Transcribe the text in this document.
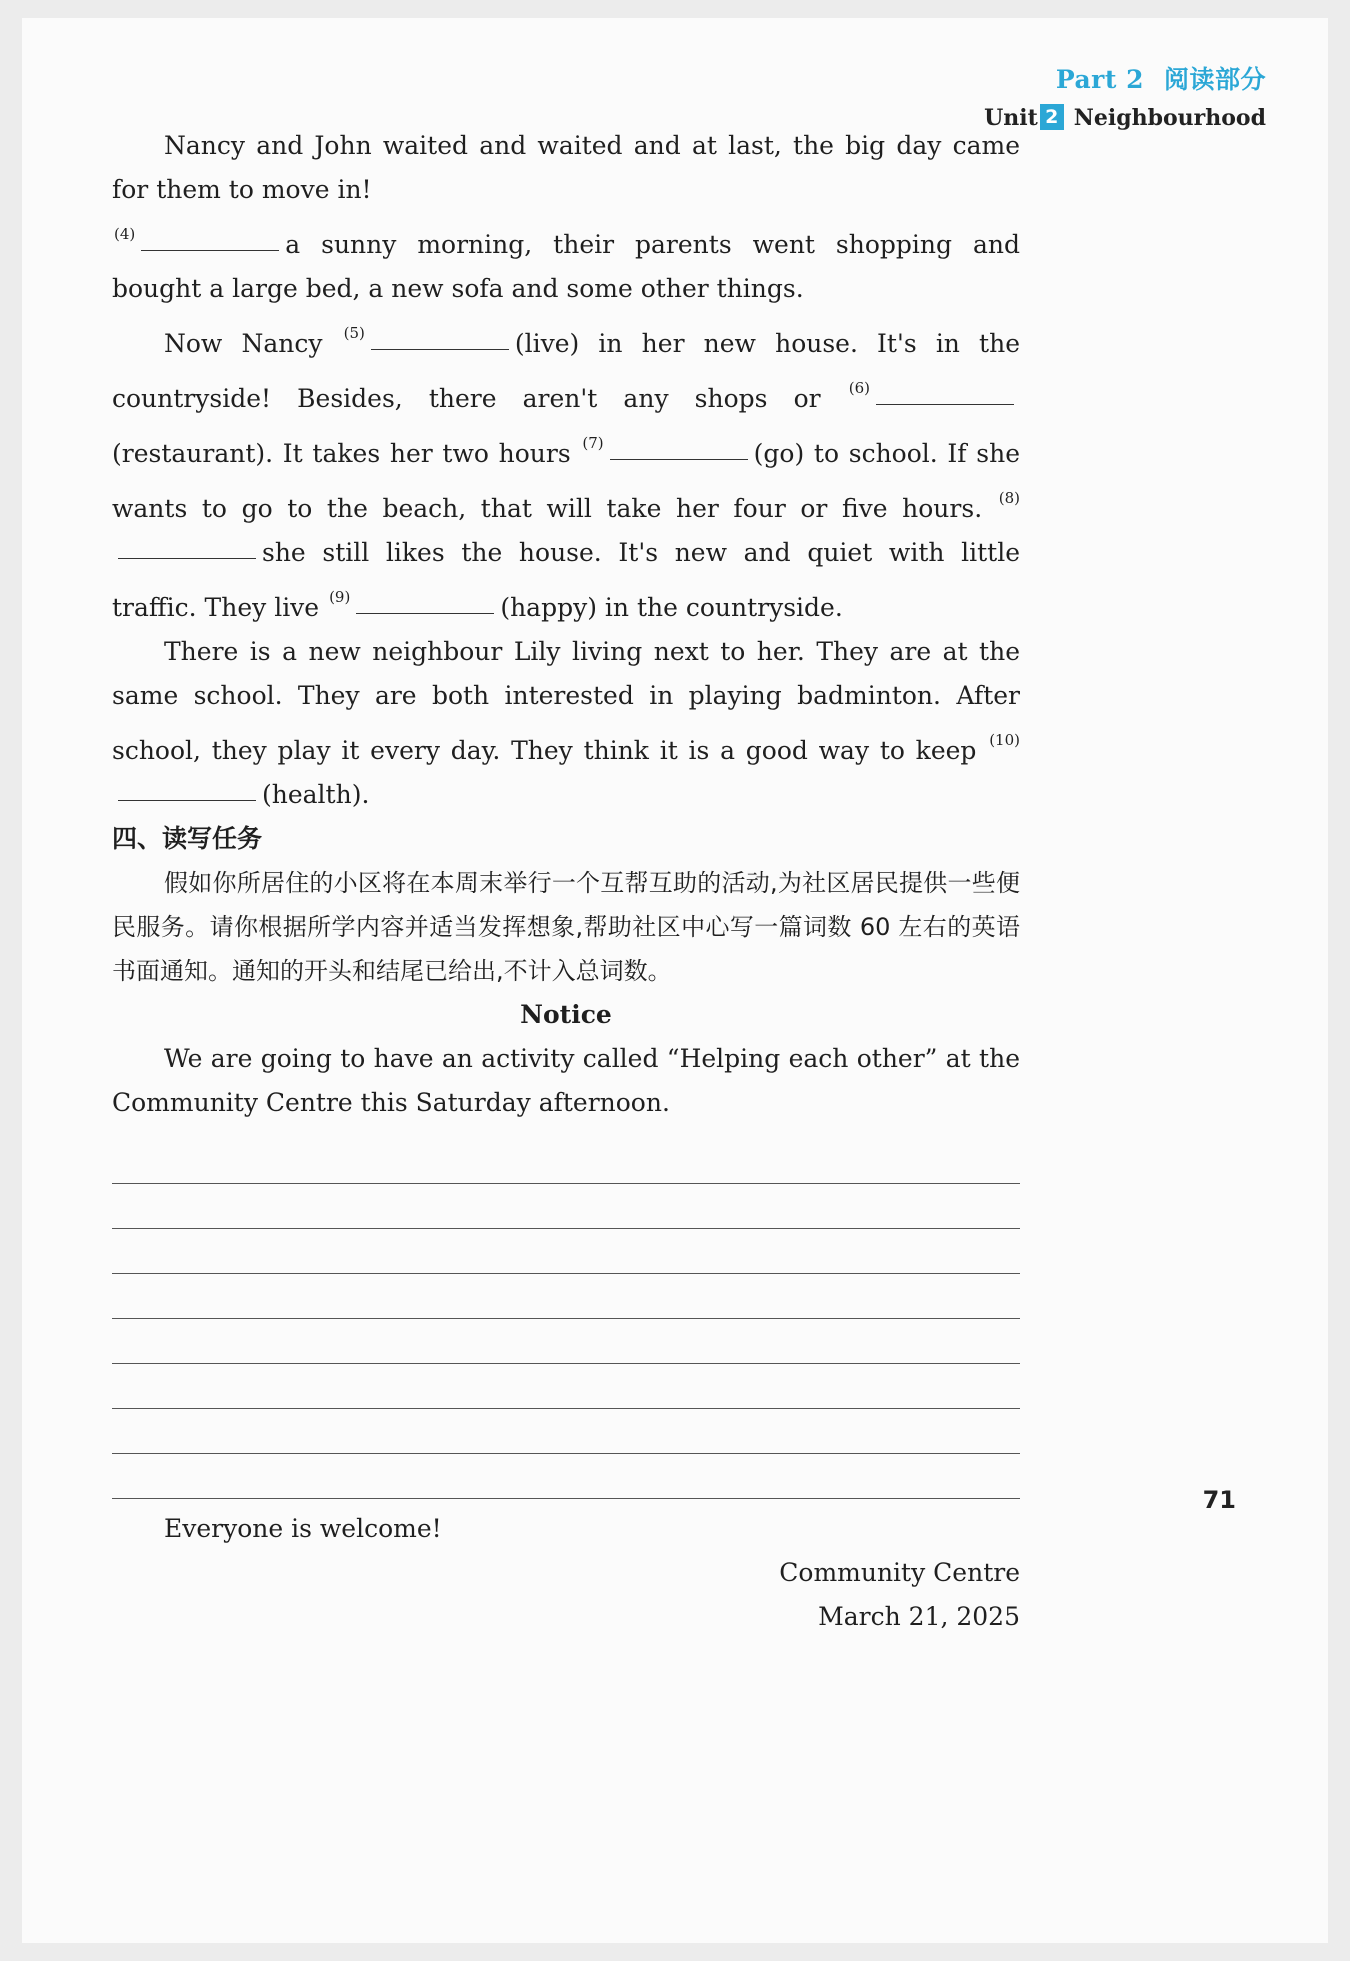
Part 2 阅读部分
Unit 2 Neighbourhood

Nancy and John waited and waited and at last, the big day came for them to move in!
$^{(4)}$	a sunny morning, their parents went shopping and bought a large bed, a new sofa and some other things.

Now Nancy $^{(5)}$	(live) in her new house. It's in the countryside! Besides, there aren't any shops or $^{(6)}$(restaurant). It takes her two hours $^{(7)}$	(go) to school. If she wants to go to the beach, that will take her four or five hours. $^{(8)}$she still likes the house. It's new and quiet with little traffic. They live $^{(9)}$	(happy) in the countryside.

There is a new neighbour Lily living next to her. They are at the same school. They are both interested in playing badminton. After school, they play it every day. They think it is a good way to keep $^{(10)}$(health).

四、读写任务

假如你所居住的小区将在本周末举行一个互帮互助的活动,为社区居民提供一些便民服务。请你根据所学内容并适当发挥想象,帮助社区中心写一篇词数 60 左右的英语书面通知。通知的开头和结尾已给出,不计入总词数。

Notice

We are going to have an activity called “Helping each other” at the Community Centre this Saturday afternoon.

Everyone is welcome!

Community Centre

March 21, 2025

71
